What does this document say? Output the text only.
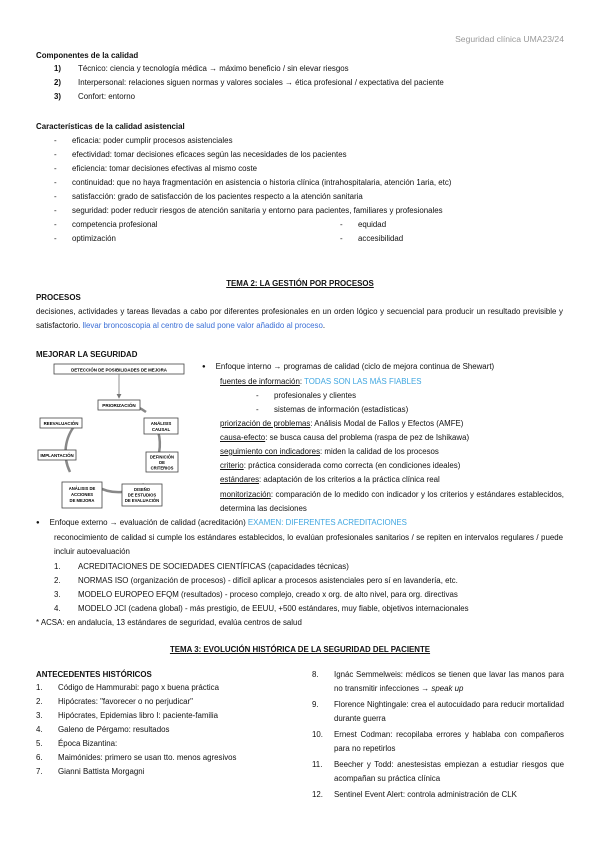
Seguridad clínica UMA23/24
Componentes de la calidad
1) Técnico: ciencia y tecnología médica → máximo beneficio / sin elevar riesgos
2) Interpersonal: relaciones siguen normas y valores sociales → ética profesional / expectativa del paciente
3) Confort: entorno
Características de la calidad asistencial
- eficacia: poder cumplir procesos asistenciales
- efectividad: tomar decisiones eficaces según las necesidades de los pacientes
- eficiencia: tomar decisiones efectivas al mismo coste
- continuidad: que no haya fragmentación en asistencia o historia clínica (intrahospitalaria, atención 1aria, etc)
- satisfacción: grado de satisfacción de los pacientes respecto a la atención sanitaria
- seguridad: poder reducir riesgos de atención sanitaria y entorno para pacientes, familiares y profesionales
- competencia profesional	- equidad
- optimización	- accesibilidad
TEMA 2: LA GESTIÓN POR PROCESOS
PROCESOS
decisiones, actividades y tareas llevadas a cabo por diferentes profesionales en un orden lógico y secuencial para producir un resultado previsible y satisfactorio. llevar broncoscopia al centro de salud pone valor añadido al proceso.
MEJORAR LA SEGURIDAD
DETECCIÓN DE POSIBILIDADES DE MEJORA
PRIORIZACIÓN
ANÁLISIS
CAUSAL
DEFINICIÓN
DE
CRITERIOS
DISEÑO
DE ESTUDIOS
DE EVALUACIÓN
ANÁLISIS DE
ACCIONES
DE MEJORA
IMPLANTACIÓN
REEVALUACIÓN
● Enfoque interno → programas de calidad (ciclo de mejora continua de Shewart)
fuentes de información: TODAS SON LAS MÁS FIABLES
- profesionales y clientes
- sistemas de información (estadísticas)
priorización de problemas: Análisis Modal de Fallos y Efectos (AMFE)
causa-efecto: se busca causa del problema (raspa de pez de Ishikawa)
seguimiento con indicadores: miden la calidad de los procesos
criterio: práctica considerada como correcta (en condiciones ideales)
estándares: adaptación de los criterios a la práctica clínica real
monitorización: comparación de lo medido con indicador y los criterios y estándares establecidos, determina las decisiones
● Enfoque externo → evaluación de calidad (acreditación) EXAMEN: DIFERENTES ACREDITACIONES
reconocimiento de calidad si cumple los estándares establecidos, lo evalúan profesionales sanitarios / se repiten en intervalos regulares / puede incluir autoevaluación
1. ACREDITACIONES DE SOCIEDADES CIENTÍFICAS (capacidades técnicas)
2. NORMAS ISO (organización de procesos) - difícil aplicar a procesos asistenciales pero sí en lavandería, etc.
3. MODELO EUROPEO EFQM (resultados) - proceso complejo, creado x org. de alto nivel, para org. directivas
4. MODELO JCI (cadena global) - más prestigio, de EEUU, +500 estándares, muy fiable, objetivos internacionales
* ACSA: en andalucía, 13 estándares de seguridad, evalúa centros de salud
TEMA 3: EVOLUCIÓN HISTÓRICA DE LA SEGURIDAD DEL PACIENTE
ANTECEDENTES HISTÓRICOS
1. Código de Hammurabi: pago x buena práctica
2. Hipócrates: "favorecer o no perjudicar"
3. Hipócrates, Epidemias libro I: paciente-familia
4. Galeno de Pérgamo: resultados
5. Época Bizantina:
6. Maimónides: primero se usan tto. menos agresivos
7. Gianni Battista Morgagni
8. Ignác Semmelweis: médicos se tienen que lavar las manos para no transmitir infecciones → speak up
9. Florence Nightingale: crea el autocuidado para reducir mortalidad durante guerra
10. Ernest Codman: recopilaba errores y hablaba con compañeros para no repetirlos
11. Beecher y Todd: anestesistas empiezan a estudiar riesgos que acompañan su práctica clínica
12. Sentinel Event Alert: controla administración de CLK
